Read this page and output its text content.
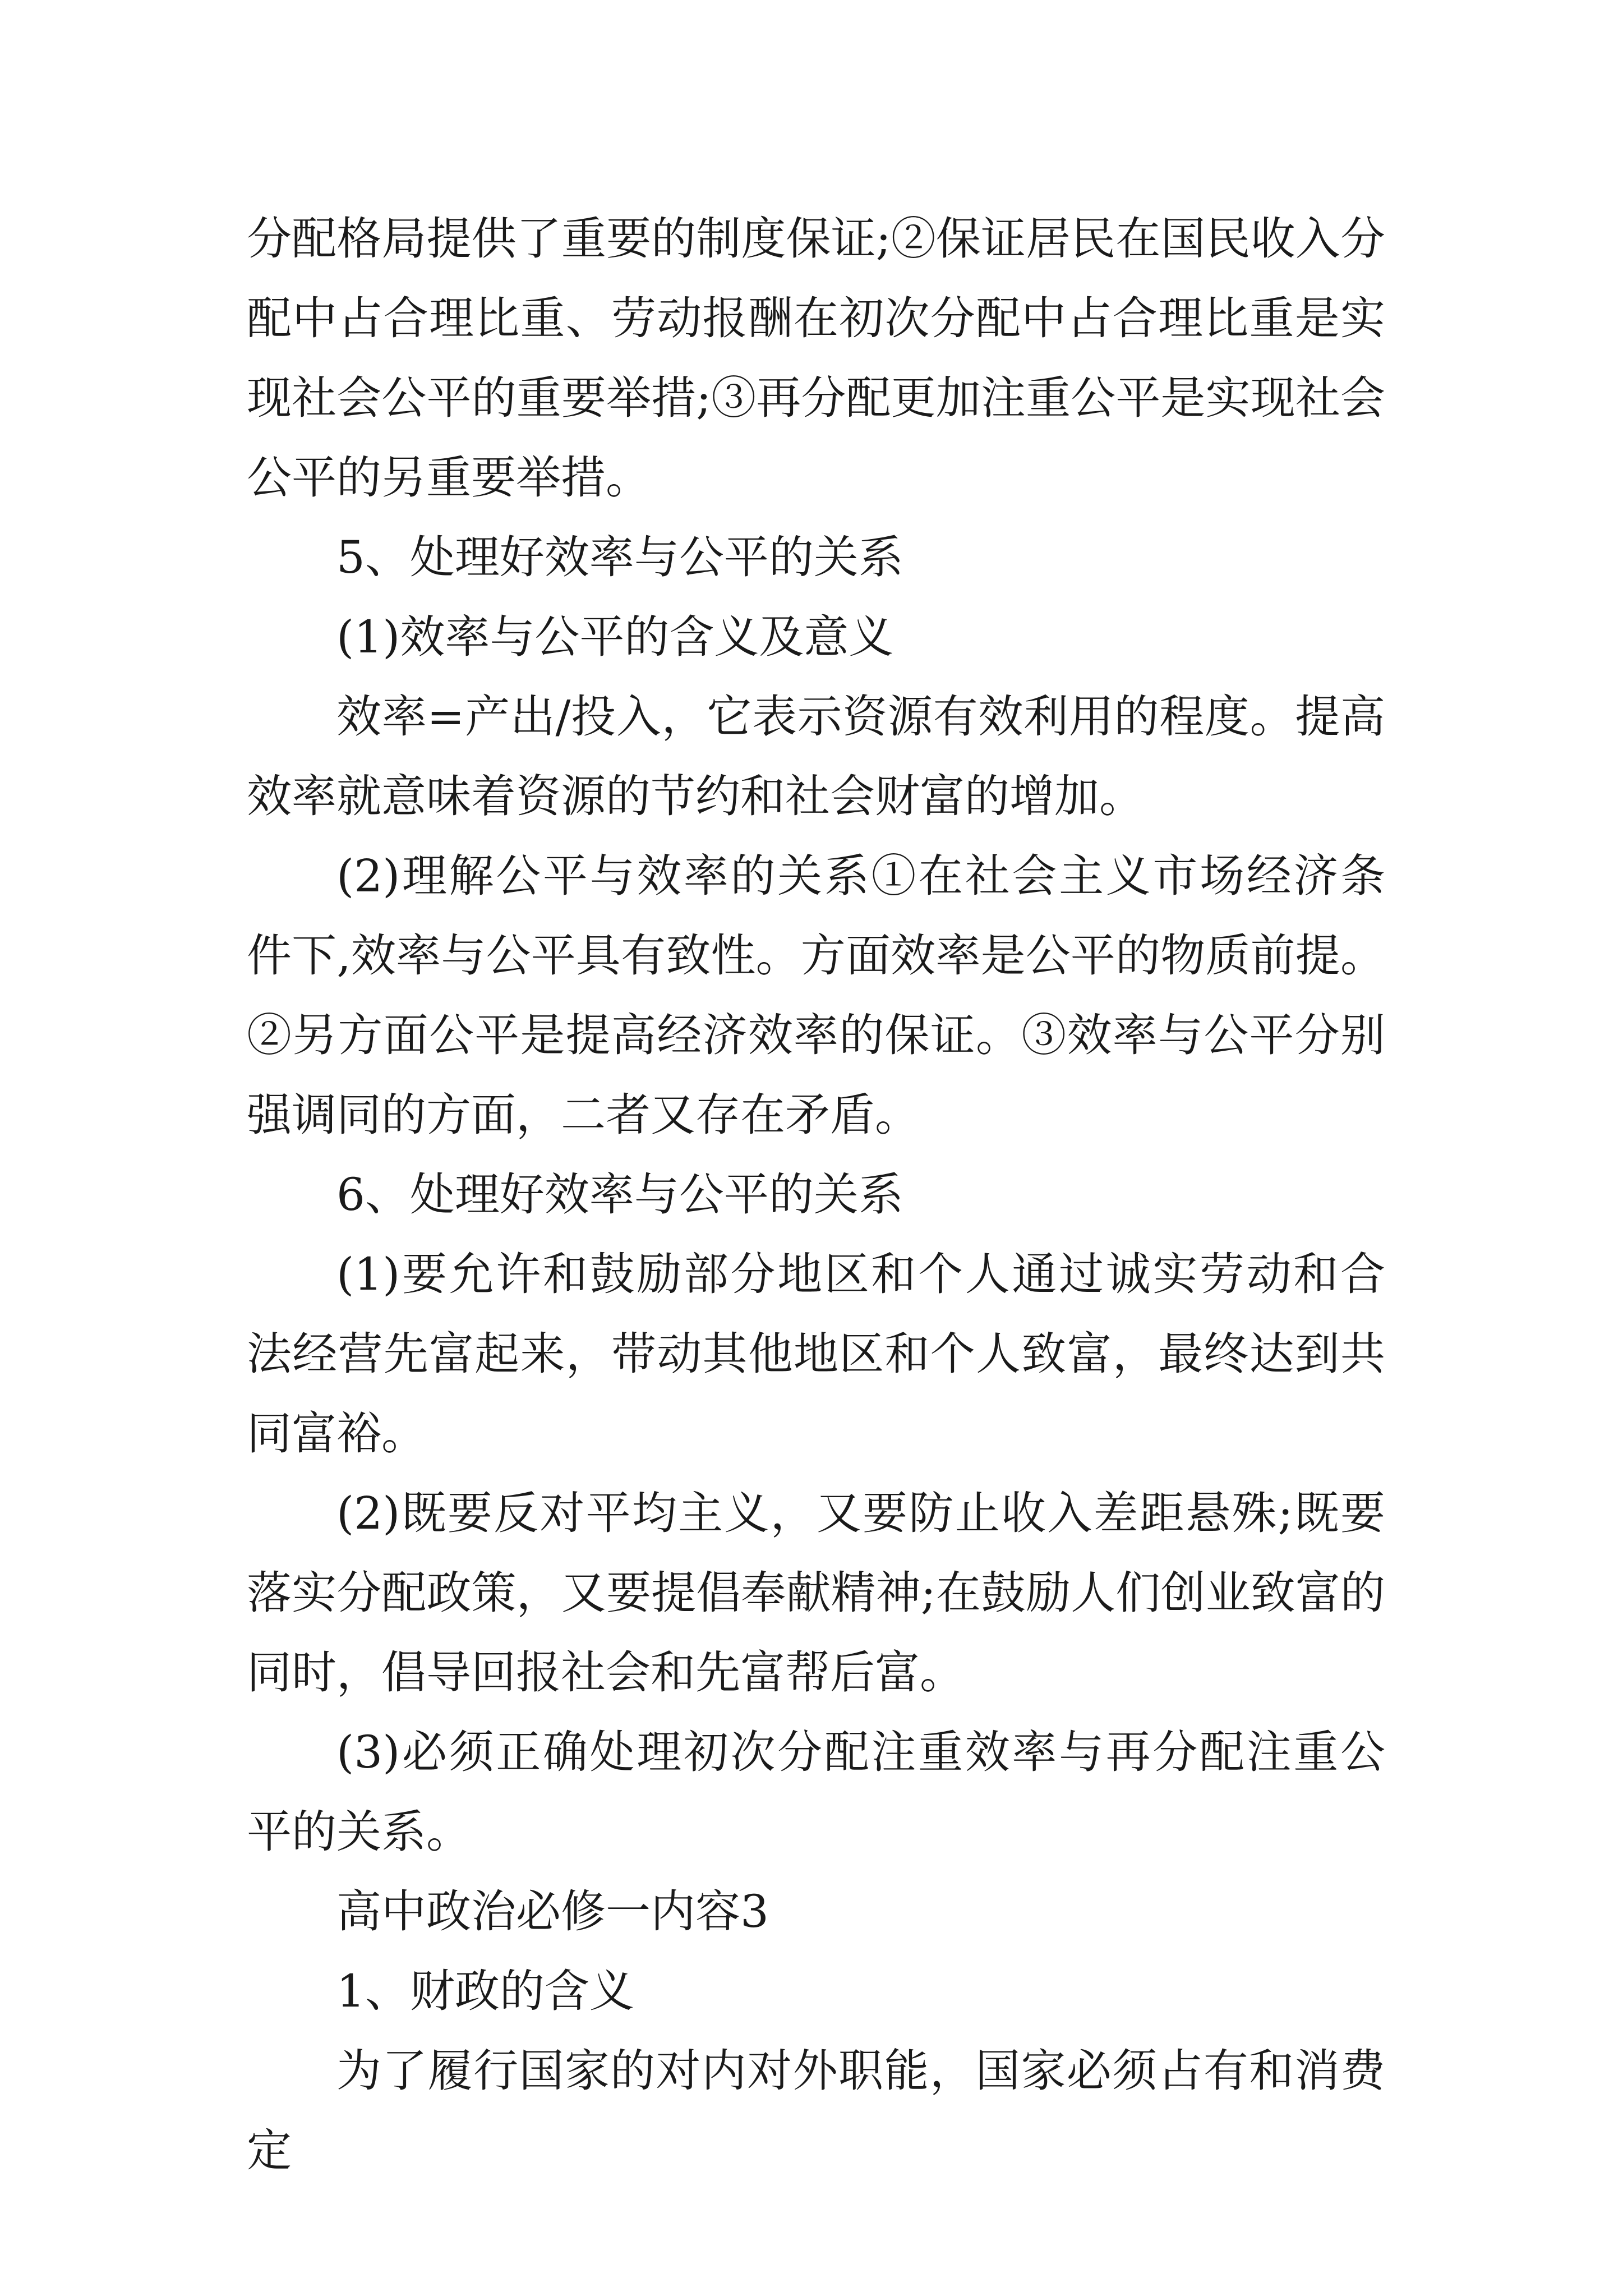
分配格局提供了重要的制度保证;②保证居民在国民收入分配中占合理比重、劳动报酬在初次分配中占合理比重是实现社会公平的重要举措;③再分配更加注重公平是实现社会公平的另重要举措。

5、处理好效率与公平的关系

(1)效率与公平的含义及意义

效率=产出/投入，它表示资源有效利用的程度。提高效率就意味着资源的节约和社会财富的增加。

(2)理解公平与效率的关系①在社会主义市场经济条件下,效率与公平具有致性。方面效率是公平的物质前提。②另方面公平是提高经济效率的保证。③效率与公平分别强调同的方面，二者又存在矛盾。

6、处理好效率与公平的关系

(1)要允许和鼓励部分地区和个人通过诚实劳动和合法经营先富起来，带动其他地区和个人致富，最终达到共同富裕。

(2)既要反对平均主义，又要防止收入差距悬殊;既要落实分配政策，又要提倡奉献精神;在鼓励人们创业致富的同时，倡导回报社会和先富帮后富。

(3)必须正确处理初次分配注重效率与再分配注重公平的关系。

高中政治必修一内容3

1、财政的含义

为了履行国家的对内对外职能，国家必须占有和消费定
